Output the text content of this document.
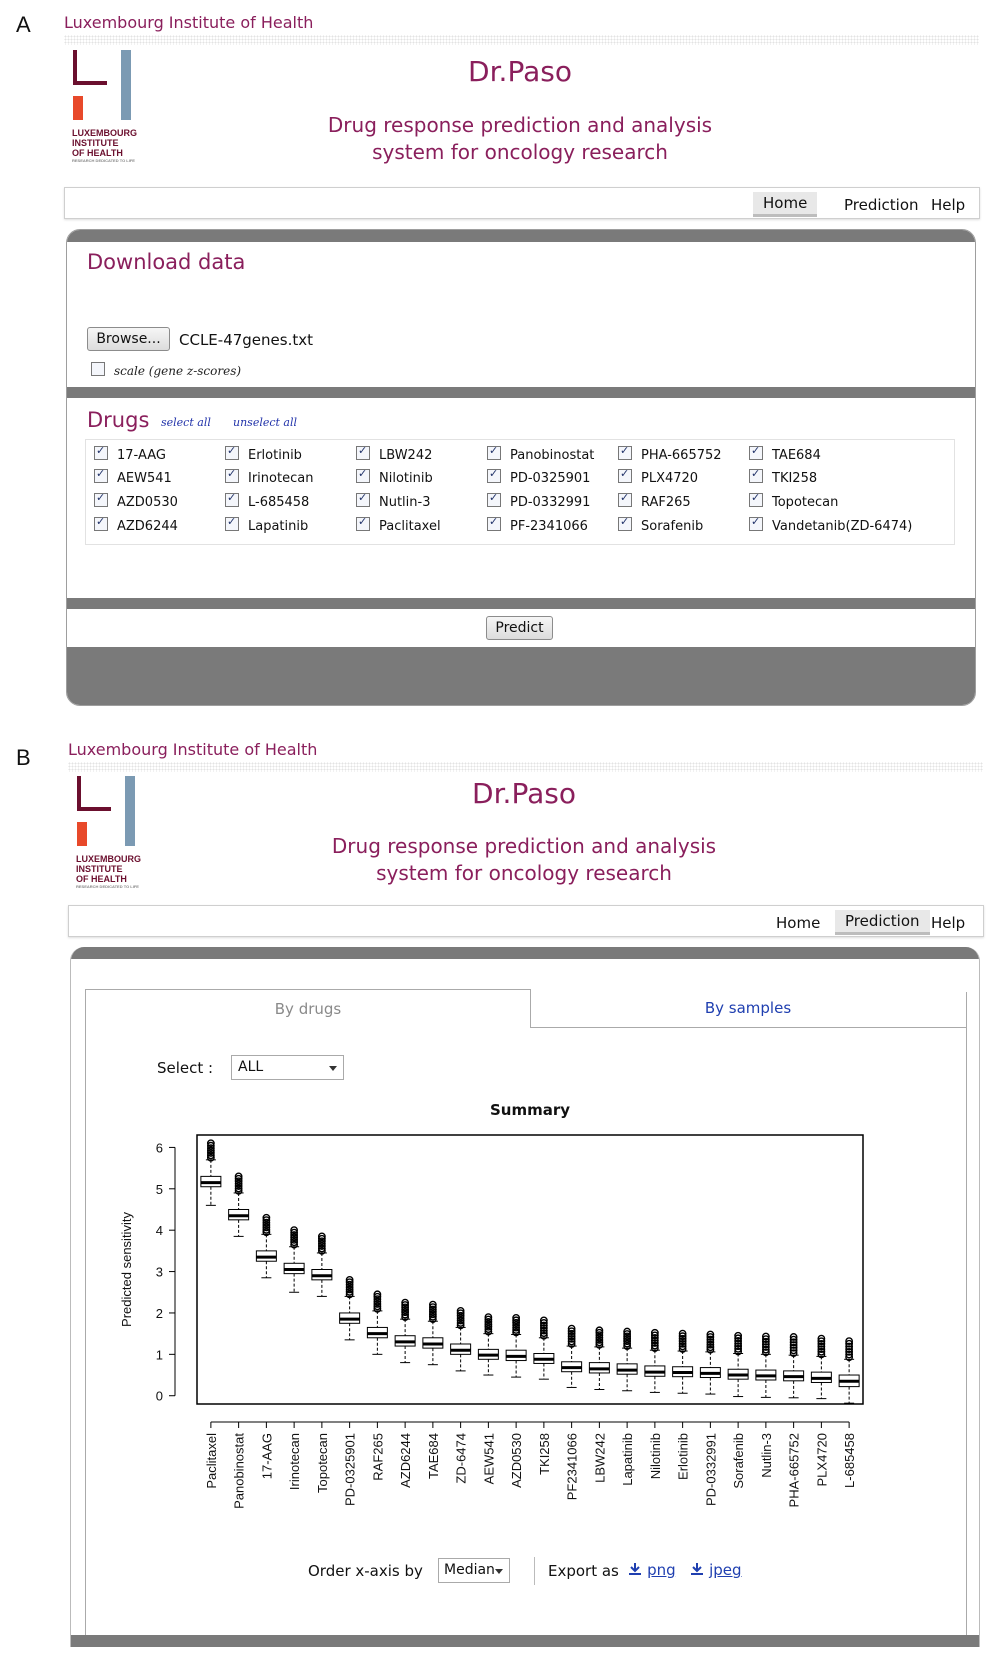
A Luxembourg Institute of Health
LUXEMBOURG
INSTITUTE
OF HEALTH
RESEARCH DEDICATED TO LIFE
Dr.Paso
Drug response prediction and analysis
system for oncology research
Home	Prediction Help
Download data
Browse...	CCLE-47genes.txt
scale (gene z-scores)
Drugs select all unselect all
✓17-AAG
✓AEW541
✓AZD0530
✓AZD6244
✓Erlotinib
✓Irinotecan
✓L-685458
✓Lapatinib
✓LBW242
✓Nilotinib
✓Nutlin-3
✓Paclitaxel
✓Panobinostat
✓PD-0325901
✓PD-0332991
✓PF-2341066
✓PHA-665752
✓PLX4720
✓RAF265
✓Sorafenib
✓TAE684
✓TKI258
✓Topotecan
✓Vandetanib(ZD-6474)
Predict
B Luxembourg Institute of Health
LUXEMBOURG
INSTITUTE
OF HEALTH
RESEARCH DEDICATED TO LIFE
Dr.Paso
Drug response prediction and analysis
system for oncology research
Home	Prediction Help
By drugs	By samples
Select :	ALL
Summary
0
1
2
3
4
5
6
Predicted sensitivity
Paclitaxel Panobinostat 17-AAG Irinotecan Topotecan PD-0325901 RAF265 AZD6244 TAE684 ZD-6474 AEW541 AZD0530 TKI258 PF2341066 LBW242 Lapatinib Nilotinib Erlotinib PD-0332991 Sorafenib Nutlin-3 PHA-665752 PLX4720 L-685458
Order x-axis by	Median	Export as	png	jpeg
